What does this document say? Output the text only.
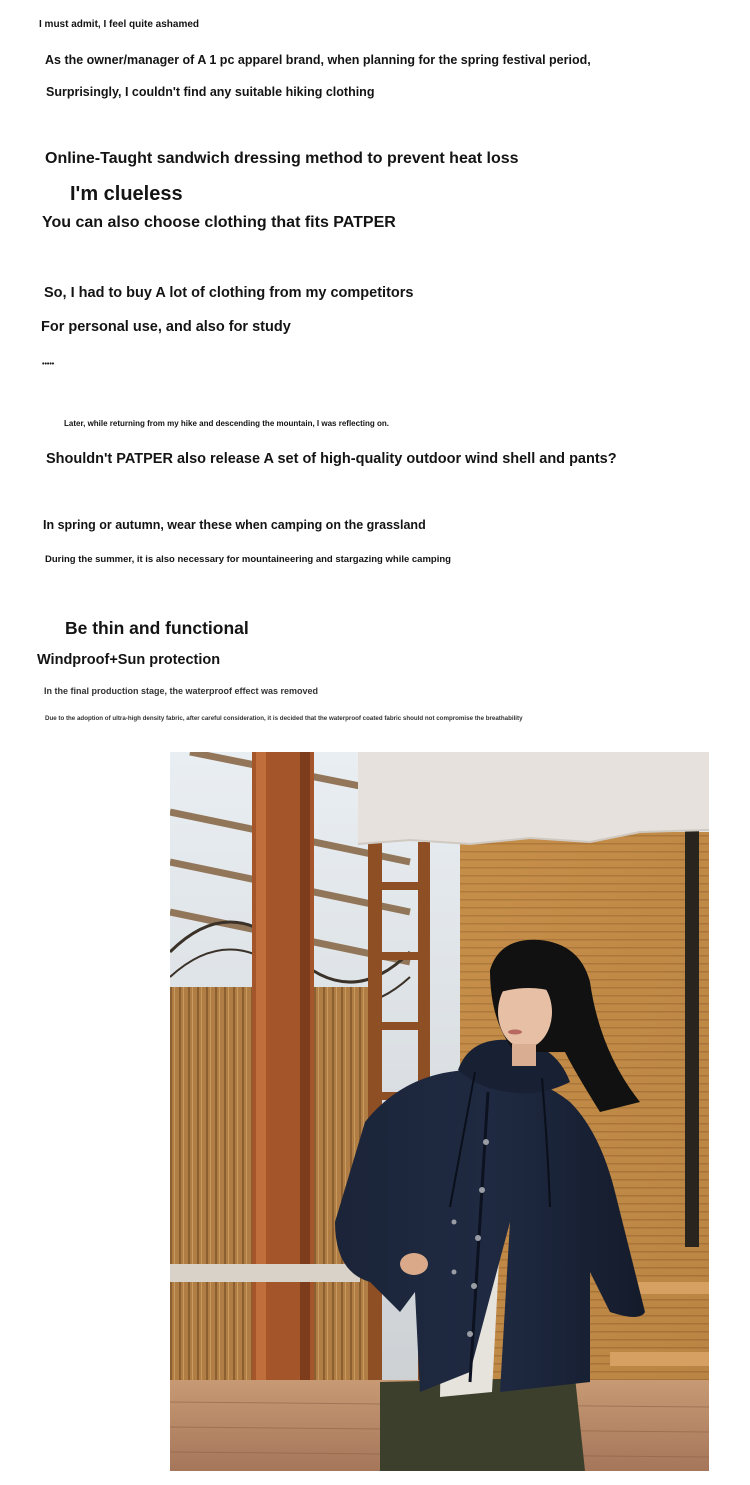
I must admit, I feel quite ashamed
As the owner/manager of A 1 pc apparel brand, when planning for the spring festival period,
Surprisingly, I couldn't find any suitable hiking clothing
Online-Taught sandwich dressing method to prevent heat loss
I'm clueless
You can also choose clothing that fits PATPER
So, I had to buy A lot of clothing from my competitors
For personal use, and also for study
•••••
Later, while returning from my hike and descending the mountain, I was reflecting on.
Shouldn't PATPER also release A set of high-quality outdoor wind shell and pants?
In spring or autumn, wear these when camping on the grassland
During the summer, it is also necessary for mountaineering and stargazing while camping
Be thin and functional
Windproof+Sun protection
In the final production stage, the waterproof effect was removed
Due to the adoption of ultra-high density fabric, after careful consideration, it is decided that the waterproof coated fabric should not compromise the breathability
